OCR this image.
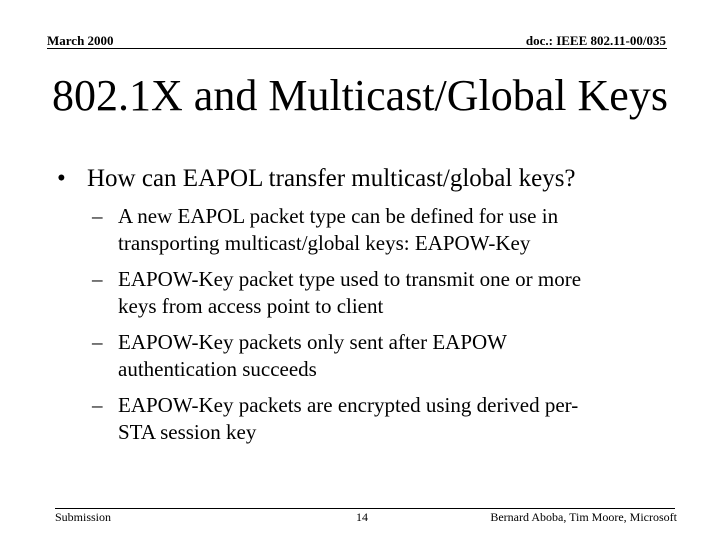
March 2000	doc.: IEEE 802.11-00/035
802.1X and Multicast/Global Keys
• How can EAPOL transfer multicast/global keys?
– A new EAPOL packet type can be defined for use in
transporting multicast/global keys: EAPOW-Key
– EAPOW-Key packet type used to transmit one or more
keys from access point to client
– EAPOW-Key packets only sent after EAPOW
authentication succeeds
– EAPOW-Key packets are encrypted using derived per-
STA session key
Submission	14	Bernard Aboba, Tim Moore, Microsoft
